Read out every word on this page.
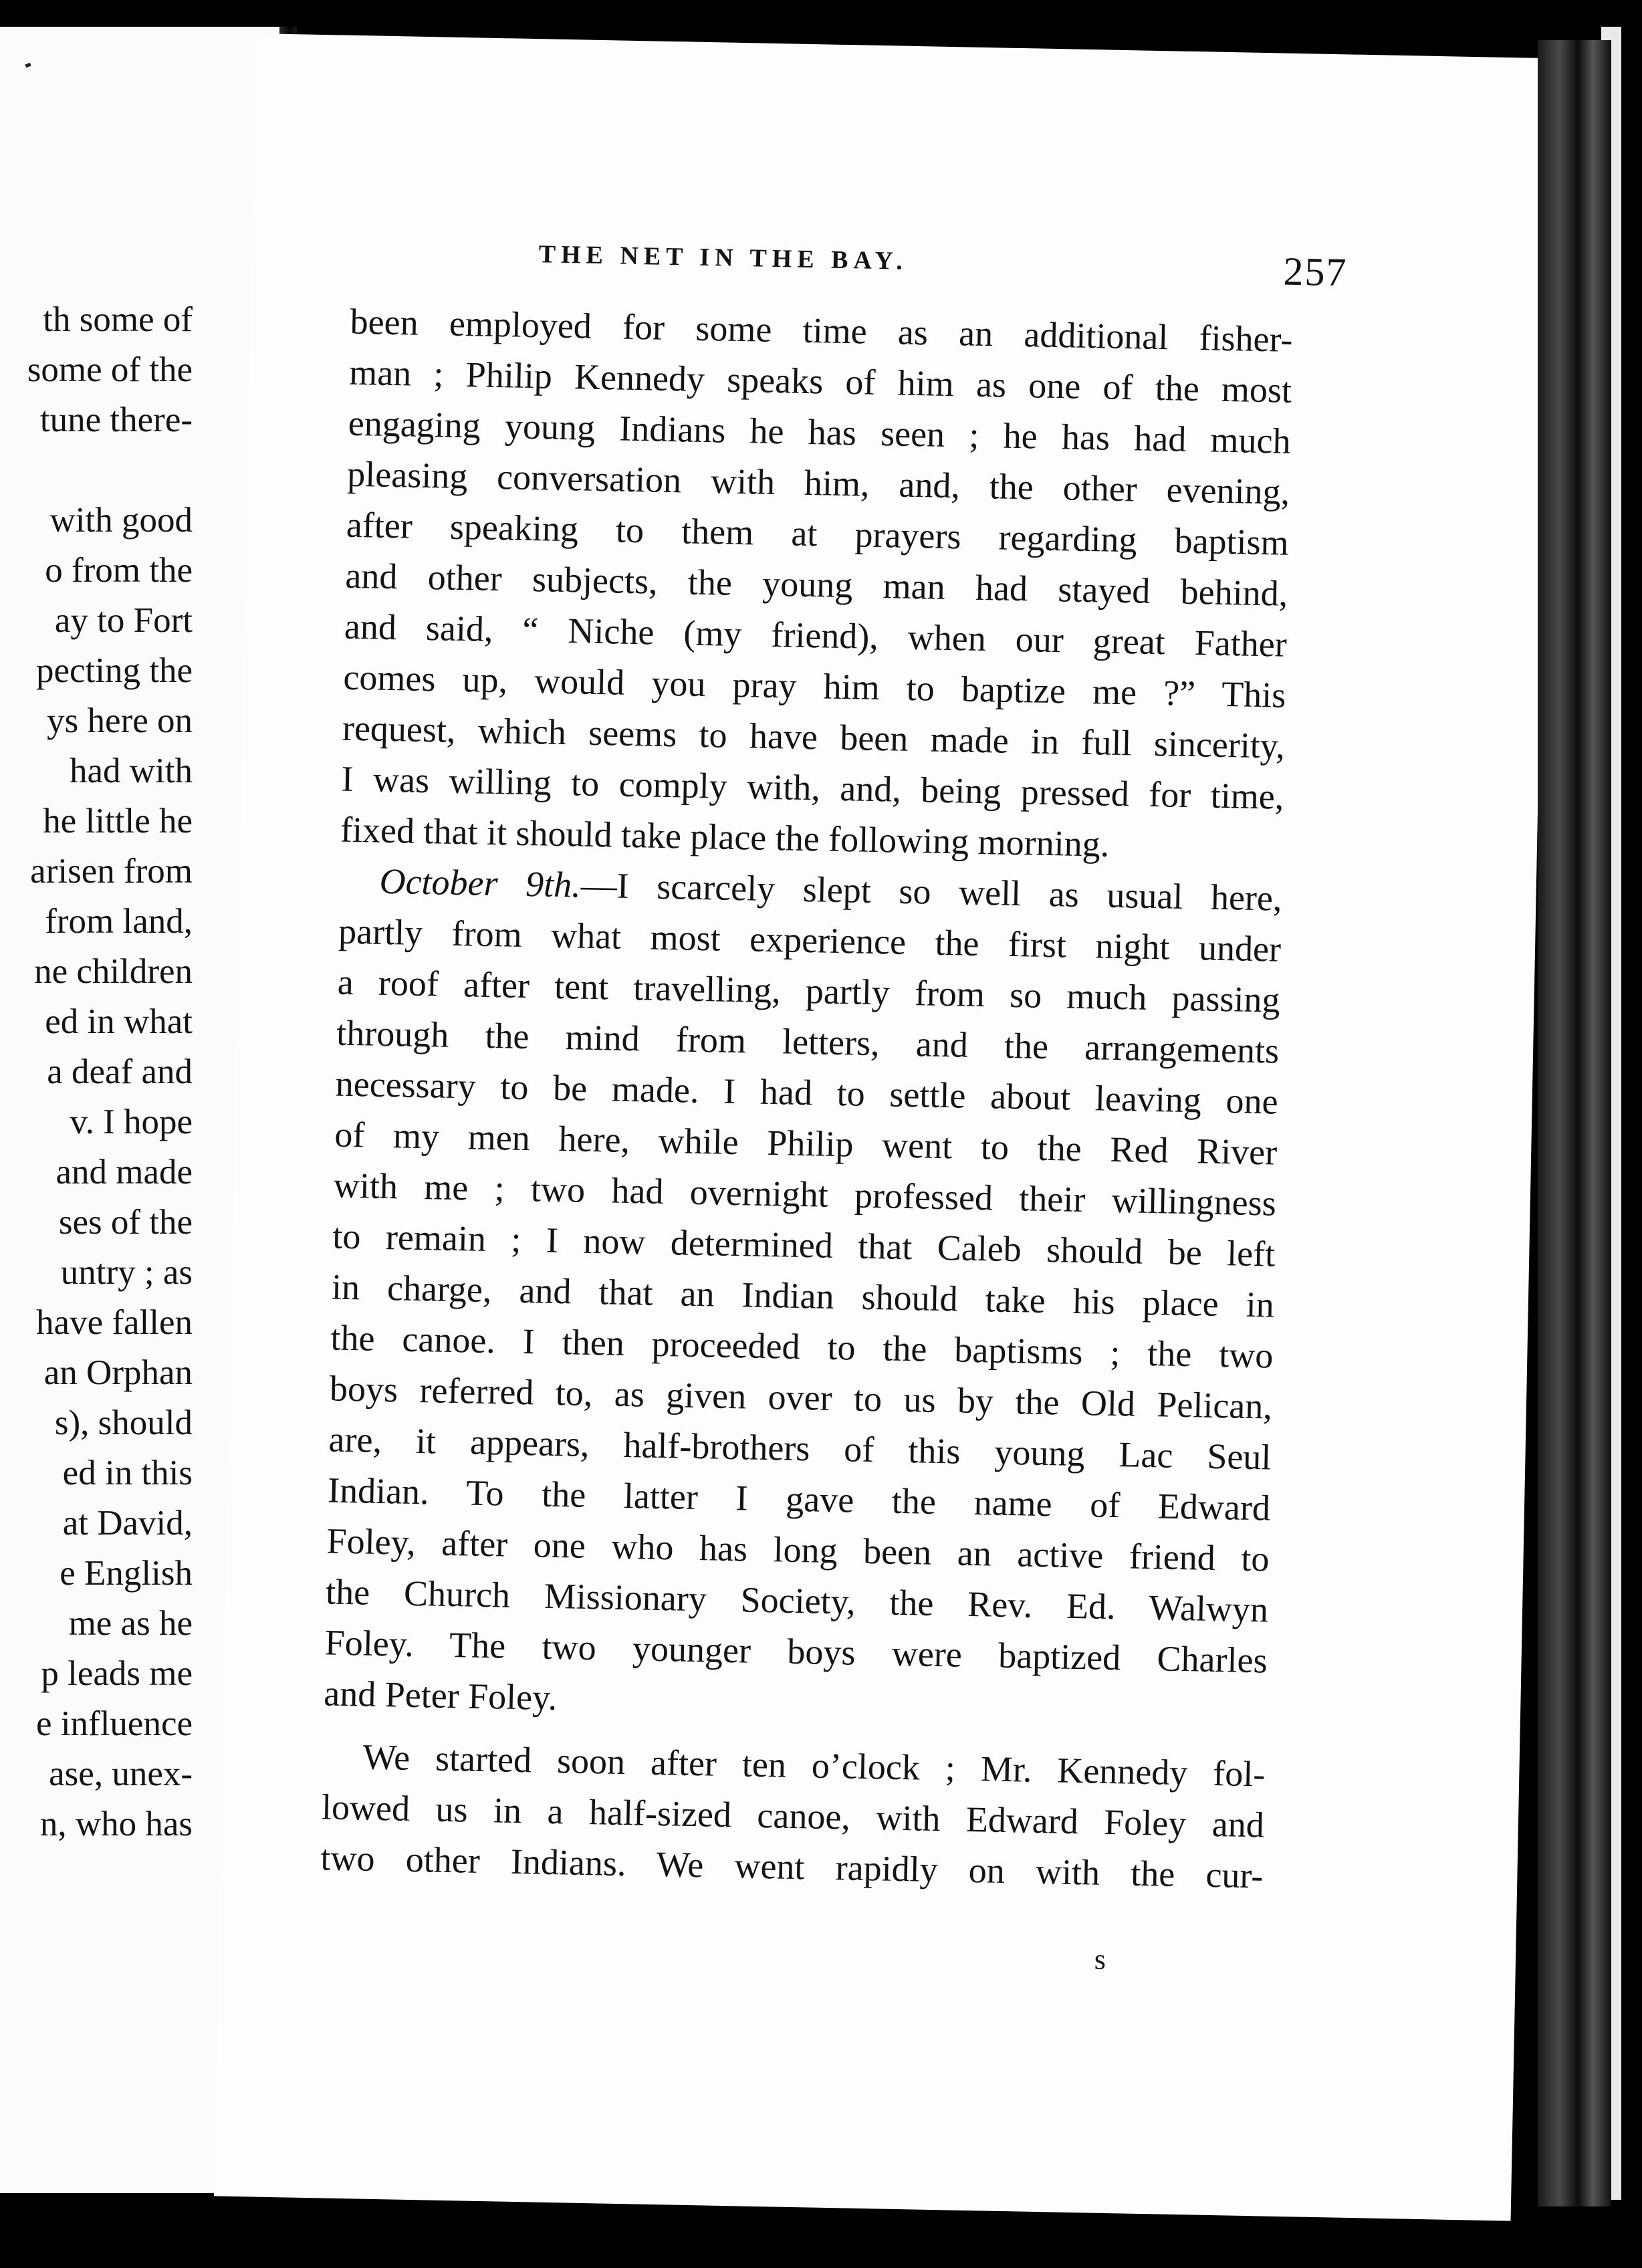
th some of
some of the
tune there-
with good
o from the
ay to Fort
pecting the
ys here on
had with
he little he
arisen from
from land,
ne children
ed in what
a deaf and
v. I hope
and made
ses of the
untry ; as
have fallen
an Orphan
s), should
ed in this
at David,
e English
me as he
p leads me
e influence
ase, unex-
n, who has
THE NET IN THE BAY.	257
been employed for some time as an additional fisher-
man ; Philip Kennedy speaks of him as one of the most
engaging young Indians he has seen ; he has had much
pleasing conversation with him, and, the other evening,
after speaking to them at prayers regarding baptism
and other subjects, the young man had stayed behind,
and said, “ Niche (my friend), when our great Father
comes up, would you pray him to baptize me ?” This
request, which seems to have been made in full sincerity,
I was willing to comply with, and, being pressed for time,
fixed that it should take place the following morning.
October 9th.—I scarcely slept so well as usual here,
partly from what most experience the first night under
a roof after tent travelling, partly from so much passing
through the mind from letters, and the arrangements
necessary to be made. I had to settle about leaving one
of my men here, while Philip went to the Red River
with me ; two had overnight professed their willingness
to remain ; I now determined that Caleb should be left
in charge, and that an Indian should take his place in
the canoe. I then proceeded to the baptisms ; the two
boys referred to, as given over to us by the Old Pelican,
are, it appears, half-brothers of this young Lac Seul
Indian. To the latter I gave the name of Edward
Foley, after one who has long been an active friend to
the Church Missionary Society, the Rev. Ed. Walwyn
Foley. The two younger boys were baptized Charles
and Peter Foley.
We started soon after ten o’clock ; Mr. Kennedy fol-
lowed us in a half-sized canoe, with Edward Foley and
two other Indians. We went rapidly on with the cur-
s
